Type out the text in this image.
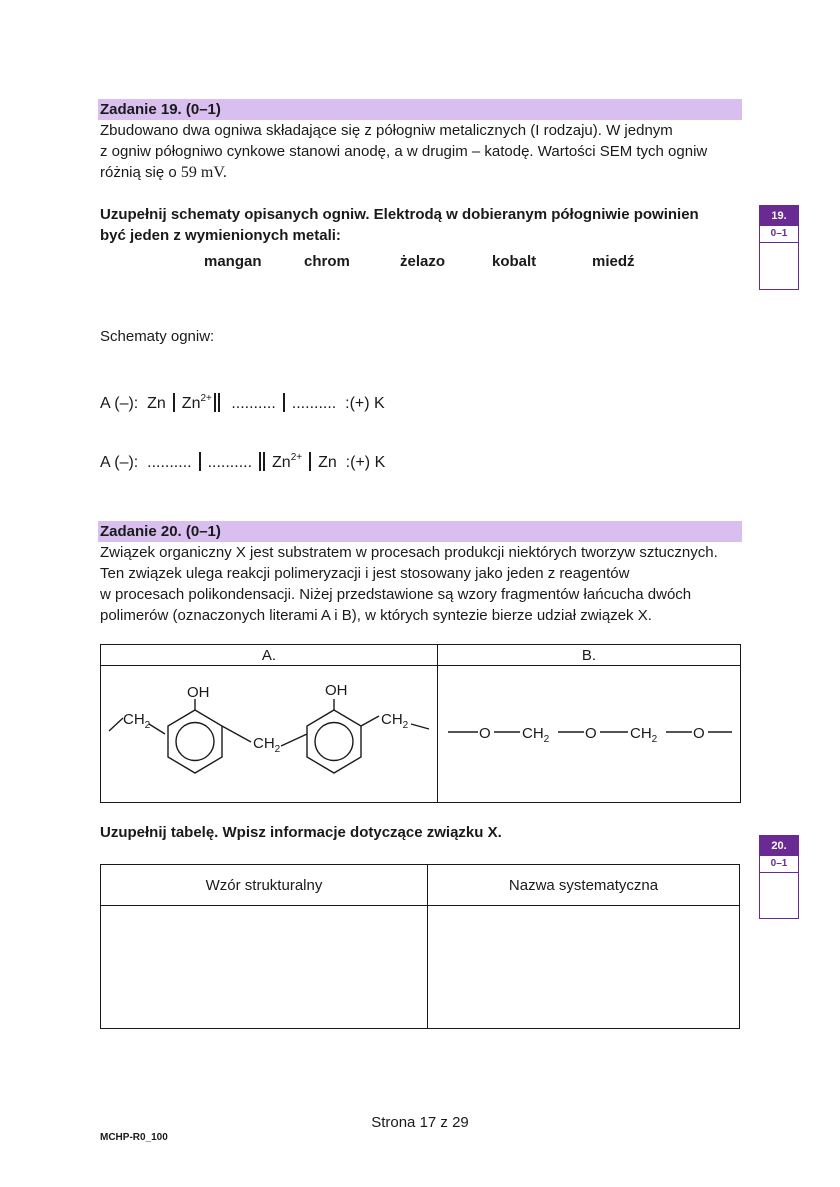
Zadanie 19. (0–1)
Zbudowano dwa ogniwa składające się z półogniw metalicznych (I rodzaju). W jednym
z ogniw półogniwo cynkowe stanowi anodę, a w drugim – katodę. Wartości SEM tych ogniw
różnią się o 59 mV.
Uzupełnij schematy opisanych ogniw. Elektrodą w dobieranym półogniwie powinien
być jeden z wymienionych metali:
mangan	chrom	żelazo	kobalt	miedź
Schematy ogniw:
A (–): Zn $Zn^{2+}$ .......... .......... :(+) K
A (–): .......... .......... $Zn^{2+}$ Zn :(+) K
19.
0–1
Zadanie 20. (0–1)
Związek organiczny X jest substratem w procesach produkcji niektórych tworzyw sztucznych.
Ten związek ulega reakcji polimeryzacji i jest stosowany jako jeden z reagentów
w procesach polikondensacji. Niżej przedstawione są wzory fragmentów łańcucha dwóch
polimerów (oznaczonych literami A i B), w których syntezie bierze udział związek X.
A.	B.

OH OH
$CH_2$
$CH_2$
$CH_2$	O $CH_2$ O $CH_2$ O
Uzupełnij tabelę. Wpisz informacje dotyczące związku X.
Wzór strukturalny	Nazwa systematyczna

20.
0–1
Strona 17 z 29
MCHP-R0_100
